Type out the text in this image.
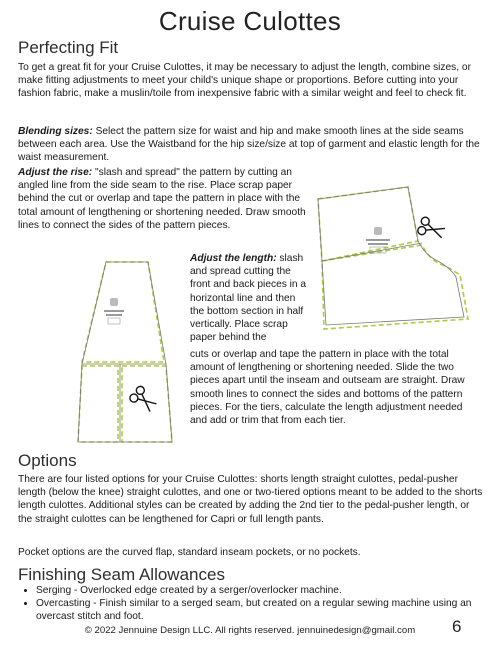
Cruise Culottes
Perfecting Fit

To get a great fit for your Cruise Culottes, it may be necessary to adjust the length, combine sizes, or make fitting adjustments to meet your child's unique shape or proportions. Before cutting into your fashion fabric, make a muslin/toile from inexpensive fabric with a similar weight and feel to check fit.

Blending sizes: Select the pattern size for waist and hip and make smooth lines at the side seams between each area. Use the Waistband for the hip size/size at top of garment and elastic length for the waist measurement.

Adjust the rise: "slash and spread" the pattern by cutting an angled line from the side seam to the rise. Place scrap paper behind the cut or overlap and tape the pattern in place with the total amount of lengthening or shortening needed. Draw smooth lines to connect the sides of the pattern pieces.

Adjust the length: slash and spread cutting the front and back pieces in a horizontal line and then the bottom section in half vertically. Place scrap paper behind the

cuts or overlap and tape the pattern in place with the total amount of lengthening or shortening needed. Slide the two pieces apart until the inseam and outseam are straight. Draw smooth lines to connect the sides and bottoms of the pattern pieces. For the tiers, calculate the length adjustment needed and add or trim that from each tier.

Options

There are four listed options for your Cruise Culottes: shorts length straight culottes, pedal-pusher length (below the knee) straight culottes, and one or two-tiered options meant to be added to the shorts length culottes. Additional styles can be created by adding the 2nd tier to the pedal-pusher length, or the straight culottes can be lengthened for Capri or full length pants.

Pocket options are the curved flap, standard inseam pockets, or no pockets.

Finishing Seam Allowances
• Serging - Overlocked edge created by a serger/overlocker machine.
• Overcasting - Finish similar to a serged seam, but created on a regular sewing machine using an overcast stitch and foot.
© 2022 Jennuine Design LLC. All rights reserved. jennuinedesign@gmail.com	6
